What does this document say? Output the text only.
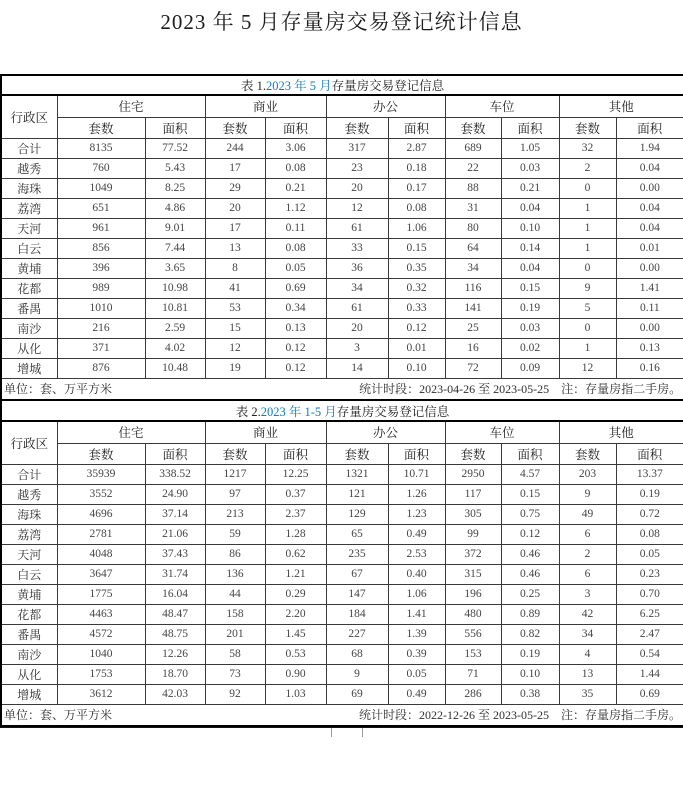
2023 年 5 月存量房交易登记统计信息
表 1.2023 年 5 月存量房交易登记信息										
行政区	住宅		商业		办公		车位		其他	
	套数	面积	套数	面积	套数	面积	套数	面积	套数	面积
合计	8135	77.52	244	3.06	317	2.87	689	1.05	32	1.94
越秀	760	5.43	17	0.08	23	0.18	22	0.03	2	0.04
海珠	1049	8.25	29	0.21	20	0.17	88	0.21	0	0.00
荔湾	651	4.86	20	1.12	12	0.08	31	0.04	1	0.04
天河	961	9.01	17	0.11	61	1.06	80	0.10	1	0.04
白云	856	7.44	13	0.08	33	0.15	64	0.14	1	0.01
黄埔	396	3.65	8	0.05	36	0.35	34	0.04	0	0.00
花都	989	10.98	41	0.69	34	0.32	116	0.15	9	1.41
番禺	1010	10.81	53	0.34	61	0.33	141	0.19	5	0.11
南沙	216	2.59	15	0.13	20	0.12	25	0.03	0	0.00
从化	371	4.02	12	0.12	3	0.01	16	0.02	1	0.13
增城	876	10.48	19	0.12	14	0.10	72	0.09	12	0.16

单位：套、万平方米 统计时段：2023-04-26 至 2023-05-25 注：存量房指二手房。										
表 2.2023 年 1-5 月存量房交易登记信息										
行政区	住宅		商业		办公		车位		其他	
	套数	面积	套数	面积	套数	面积	套数	面积	套数	面积
合计	35939	338.52	1217	12.25	1321	10.71	2950	4.57	203	13.37
越秀	3552	24.90	97	0.37	121	1.26	117	0.15	9	0.19
海珠	4696	37.14	213	2.37	129	1.23	305	0.75	49	0.72
荔湾	2781	21.06	59	1.28	65	0.49	99	0.12	6	0.08
天河	4048	37.43	86	0.62	235	2.53	372	0.46	2	0.05
白云	3647	31.74	136	1.21	67	0.40	315	0.46	6	0.23
黄埔	1775	16.04	44	0.29	147	1.06	196	0.25	3	0.70
花都	4463	48.47	158	2.20	184	1.41	480	0.89	42	6.25
番禺	4572	48.75	201	1.45	227	1.39	556	0.82	34	2.47
南沙	1040	12.26	58	0.53	68	0.39	153	0.19	4	0.54
从化	1753	18.70	73	0.90	9	0.05	71	0.10	13	1.44
增城	3612	42.03	92	1.03	69	0.49	286	0.38	35	0.69

单位：套、万平方米 统计时段：2022-12-26 至 2023-05-25 注：存量房指二手房。										
